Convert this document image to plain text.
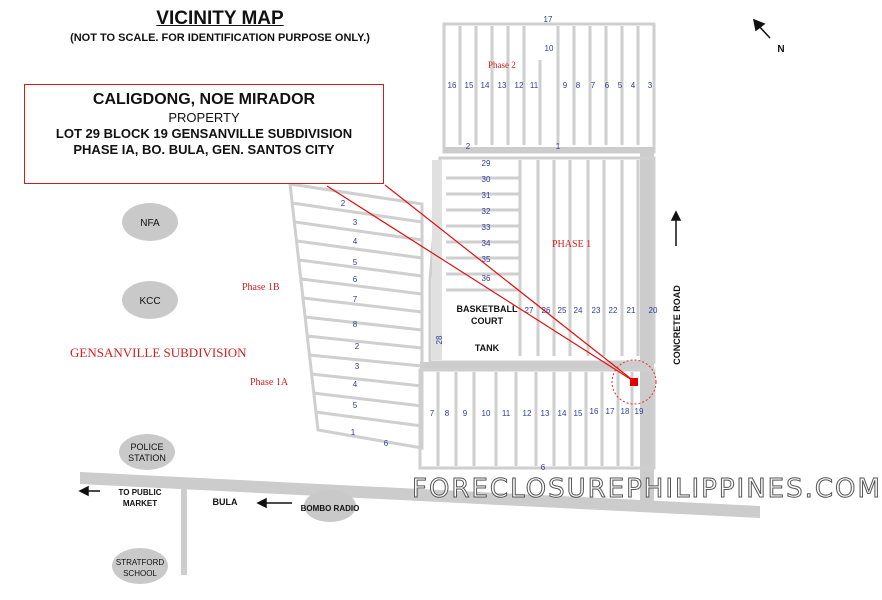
NFA
KCC
POLICE
STATION
BOMBO RADIO
STRATFORD
SCHOOL
GENSANVILLE SUBDIVISION
Phase 1B
Phase 1A
PHASE 1
Phase 2
BASKETBALL
COURT
TANK	CONCRETE ROAD
TO PUBLIC
MARKET	BULA
N
17
10
16 15 14 13 12 11	9 8 7 6 5 4 3
2	1
29
30
31
32
33
34
35
36
27 26 25 24 23 22 21 20
7 8 9 10 11 12 13 14 15 16 17 18 19
2
3
4
5
6
7
8
2
3
4
5
1
6
6
28
VICINITY MAP
(NOT TO SCALE. FOR IDENTIFICATION PURPOSE ONLY.)
CALIGDONG, NOE MIRADOR
PROPERTY
LOT 29 BLOCK 19 GENSANVILLE SUBDIVISION
PHASE IA, BO. BULA, GEN. SANTOS CITY
FORECLOSUREPHILIPPINES.COM
